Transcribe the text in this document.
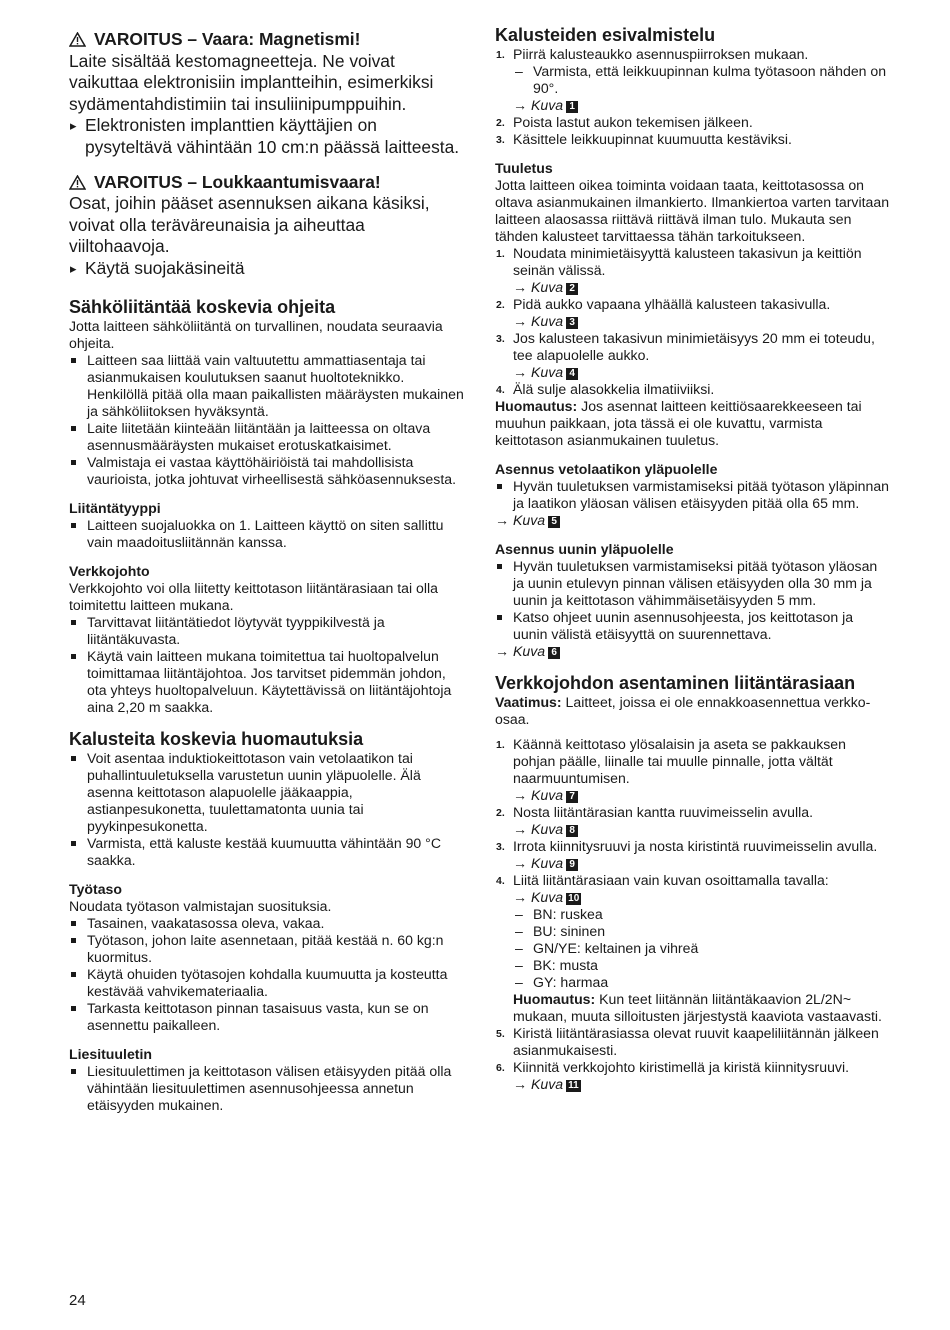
VAROITUS – Vaara: Magnetismi!

Laite sisältää kestomagneetteja. Ne voivat vaikuttaa elektronisiin implantteihin, esimerkiksi sydämentahdistimiin tai insuliinipumppuihin.

▸ Elektronisten implanttien käyttäjien on pysyteltävä vähintään 10 cm:n päässä laitteesta.

VAROITUS – Loukkaantumisvaara!

Osat, joihin pääset asennuksen aikana käsiksi, voivat olla teräväreunaisia ja aiheuttaa viiltohaavoja.

▸ Käytä suojakäsineitä

Sähköliitäntää koskevia ohjeita

Jotta laitteen sähköliitäntä on turvallinen, noudata seuraavia ohjeita.

Laitteen saa liittää vain valtuutettu ammattiasentaja tai asianmukaisen koulutuksen saanut huoltoteknikko. Henkilöllä pitää olla maan paikallisten määräysten mukainen ja sähköliitoksen hyväksyntä.
Laite liitetään kiinteään liitäntään ja laitteessa on oltava asennusmääräysten mukaiset erotuskatkaisimet.
Valmistaja ei vastaa käyttöhäiriöistä tai mahdollisista vaurioista, jotka johtuvat virheellisestä sähköasennuksesta.
Liitäntätyyppi
Laitteen suojaluokka on 1. Laitteen käyttö on siten sallittu vain maadoitusliitännän kanssa.
Verkkojohto

Verkkojohto voi olla liitetty keittotason liitäntärasiaan tai olla toimitettu laitteen mukana.

Tarvittavat liitäntätiedot löytyvät tyyppikilvestä ja liitäntäkuvasta.
Käytä vain laitteen mukana toimitettua tai huoltopalvelun toimittamaa liitäntäjohtoa. Jos tarvitset pidemmän johdon, ota yhteys huoltopalveluun. Käytettävissä on liitäntäjohtoja aina 2,20 m saakka.
Kalusteita koskevia huomautuksia
Voit asentaa induktiokeittotason vain vetolaatikon tai puhallintuuletuksella varustetun uunin yläpuolelle. Älä asenna keittotason alapuolelle jääkaappia, astianpesukonetta, tuulettamatonta uunia tai pyykinpesukonetta.
Varmista, että kaluste kestää kuumuutta vähintään 90 °C saakka.
Työtaso

Noudata työtason valmistajan suosituksia.

Tasainen, vaakatasossa oleva, vakaa.
Työtason, johon laite asennetaan, pitää kestää n. 60 kg:n kuormitus.
Käytä ohuiden työtasojen kohdalla kuumuutta ja kosteutta kestävää vahvikemateriaalia.
Tarkasta keittotason pinnan tasaisuus vasta, kun se on asennettu paikalleen.
Liesituuletin
Liesituulettimen ja keittotason välisen etäisyyden pitää olla vähintään liesituulettimen asennusohjeessa annetun etäisyyden mukainen.
Kalusteiden esivalmistelu
1. Piirrä kalusteaukko asennuspiirroksen mukaan.
– Varmista, että leikkuupinnan kulma työtasoon nähden on 90°.
→ Kuva 1
2. Poista lastut aukon tekemisen jälkeen.
3. Käsittele leikkuupinnat kuumuutta kestäviksi.
Tuuletus

Jotta laitteen oikea toiminta voidaan taata, keittotasossa on oltava asianmukainen ilmankierto. Ilmankiertoa varten tarvitaan laitteen alaosassa riittävä riittävä ilman tulo. Mukauta sen tähden kalusteet tarvittaessa tähän tarkoitukseen.

1. Noudata minimietäisyyttä kalusteen takasivun ja keittiön seinän välissä.
→ Kuva 2
2. Pidä aukko vapaana ylhäällä kalusteen takasivulla.
→ Kuva 3
3. Jos kalusteen takasivun minimietäisyys 20 mm ei toteudu, tee alapuolelle aukko.
→ Kuva 4
4. Älä sulje alasokkelia ilmatiiviiksi.

Huomautus: Jos asennat laitteen keittiösaarekkeeseen tai muuhun paikkaan, jota tässä ei ole kuvattu, varmista keittotason asianmukainen tuuletus.

Asennus vetolaatikon yläpuolelle
Hyvän tuuletuksen varmistamiseksi pitää työtason yläpinnan ja laatikon yläosan välisen etäisyyden pitää olla 65 mm.
→ Kuva 5
Asennus uunin yläpuolelle
Hyvän tuuletuksen varmistamiseksi pitää työtason yläosan ja uunin etulevyn pinnan välisen etäisyyden olla 30 mm ja uunin ja keittotason vähimmäisetäisyyden 5 mm.
Katso ohjeet uunin asennusohjeesta, jos keittotason ja uunin välistä etäisyyttä on suurennettava.
→ Kuva 6
Verkkojohdon asentaminen liitäntärasiaan

Vaatimus: Laitteet, joissa ei ole ennakkoasennettua verkko-osaa.

1. Käännä keittotaso ylösalaisin ja aseta se pakkauksen pohjan päälle, liinalle tai muulle pinnalle, jotta vältät naarmuuntumisen.
→ Kuva 7
2. Nosta liitäntärasian kantta ruuvimeisselin avulla.
→ Kuva 8
3. Irrota kiinnitysruuvi ja nosta kiristintä ruuvimeisselin avulla.
→ Kuva 9
4. Liitä liitäntärasiaan vain kuvan osoittamalla tavalla:
→ Kuva 10
– BN: ruskea
– BU: sininen
– GN/YE: keltainen ja vihreä
– BK: musta
– GY: harmaa

Huomautus: Kun teet liitännän liitäntäkaavion 2L/2N~ mukaan, muuta silloitusten järjestystä kaaviota vastaavasti.

5. Kiristä liitäntärasiassa olevat ruuvit kaapeliliitännän jälkeen asianmukaisesti.
6. Kiinnitä verkkojohto kiristimellä ja kiristä kiinnitysruuvi.
→ Kuva 11
24
